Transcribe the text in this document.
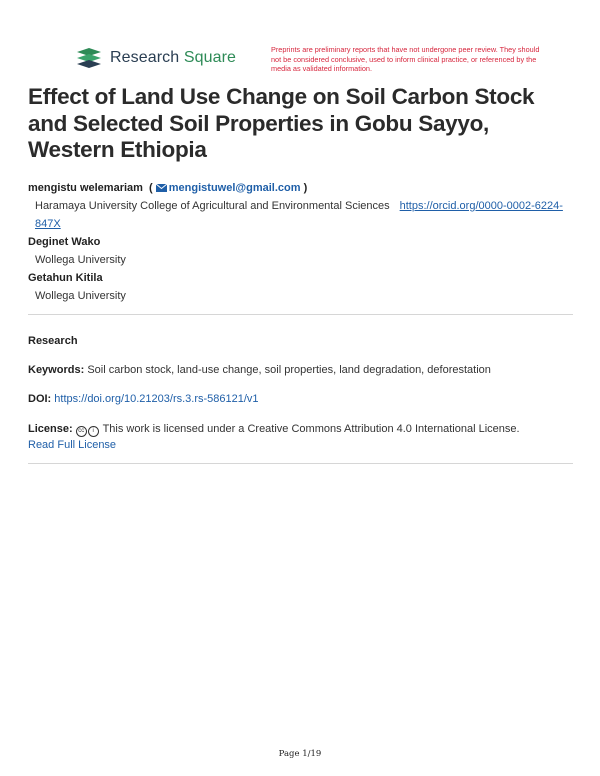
Research Square	Preprints are preliminary reports that have not undergone peer review. They should not be considered conclusive, used to inform clinical practice, or referenced by the media as validated information.
Effect of Land Use Change on Soil Carbon Stock and Selected Soil Properties in Gobu Sayyo, Western Ethiopia
mengistu welemariam  ( mengistuwel@gmail.com )
Haramaya University College of Agricultural and Environmental Sciences https://orcid.org/0000-0002-6224-847X
Deginet Wako
Wollega University
Getahun Kitila
Wollega University
Research
Keywords: Soil carbon stock, land-use change, soil properties, land degradation, deforestation
DOI: https://doi.org/10.21203/rs.3.rs-586121/v1
License: cc i This work is licensed under a Creative Commons Attribution 4.0 International License.
Read Full License
Page 1/19
